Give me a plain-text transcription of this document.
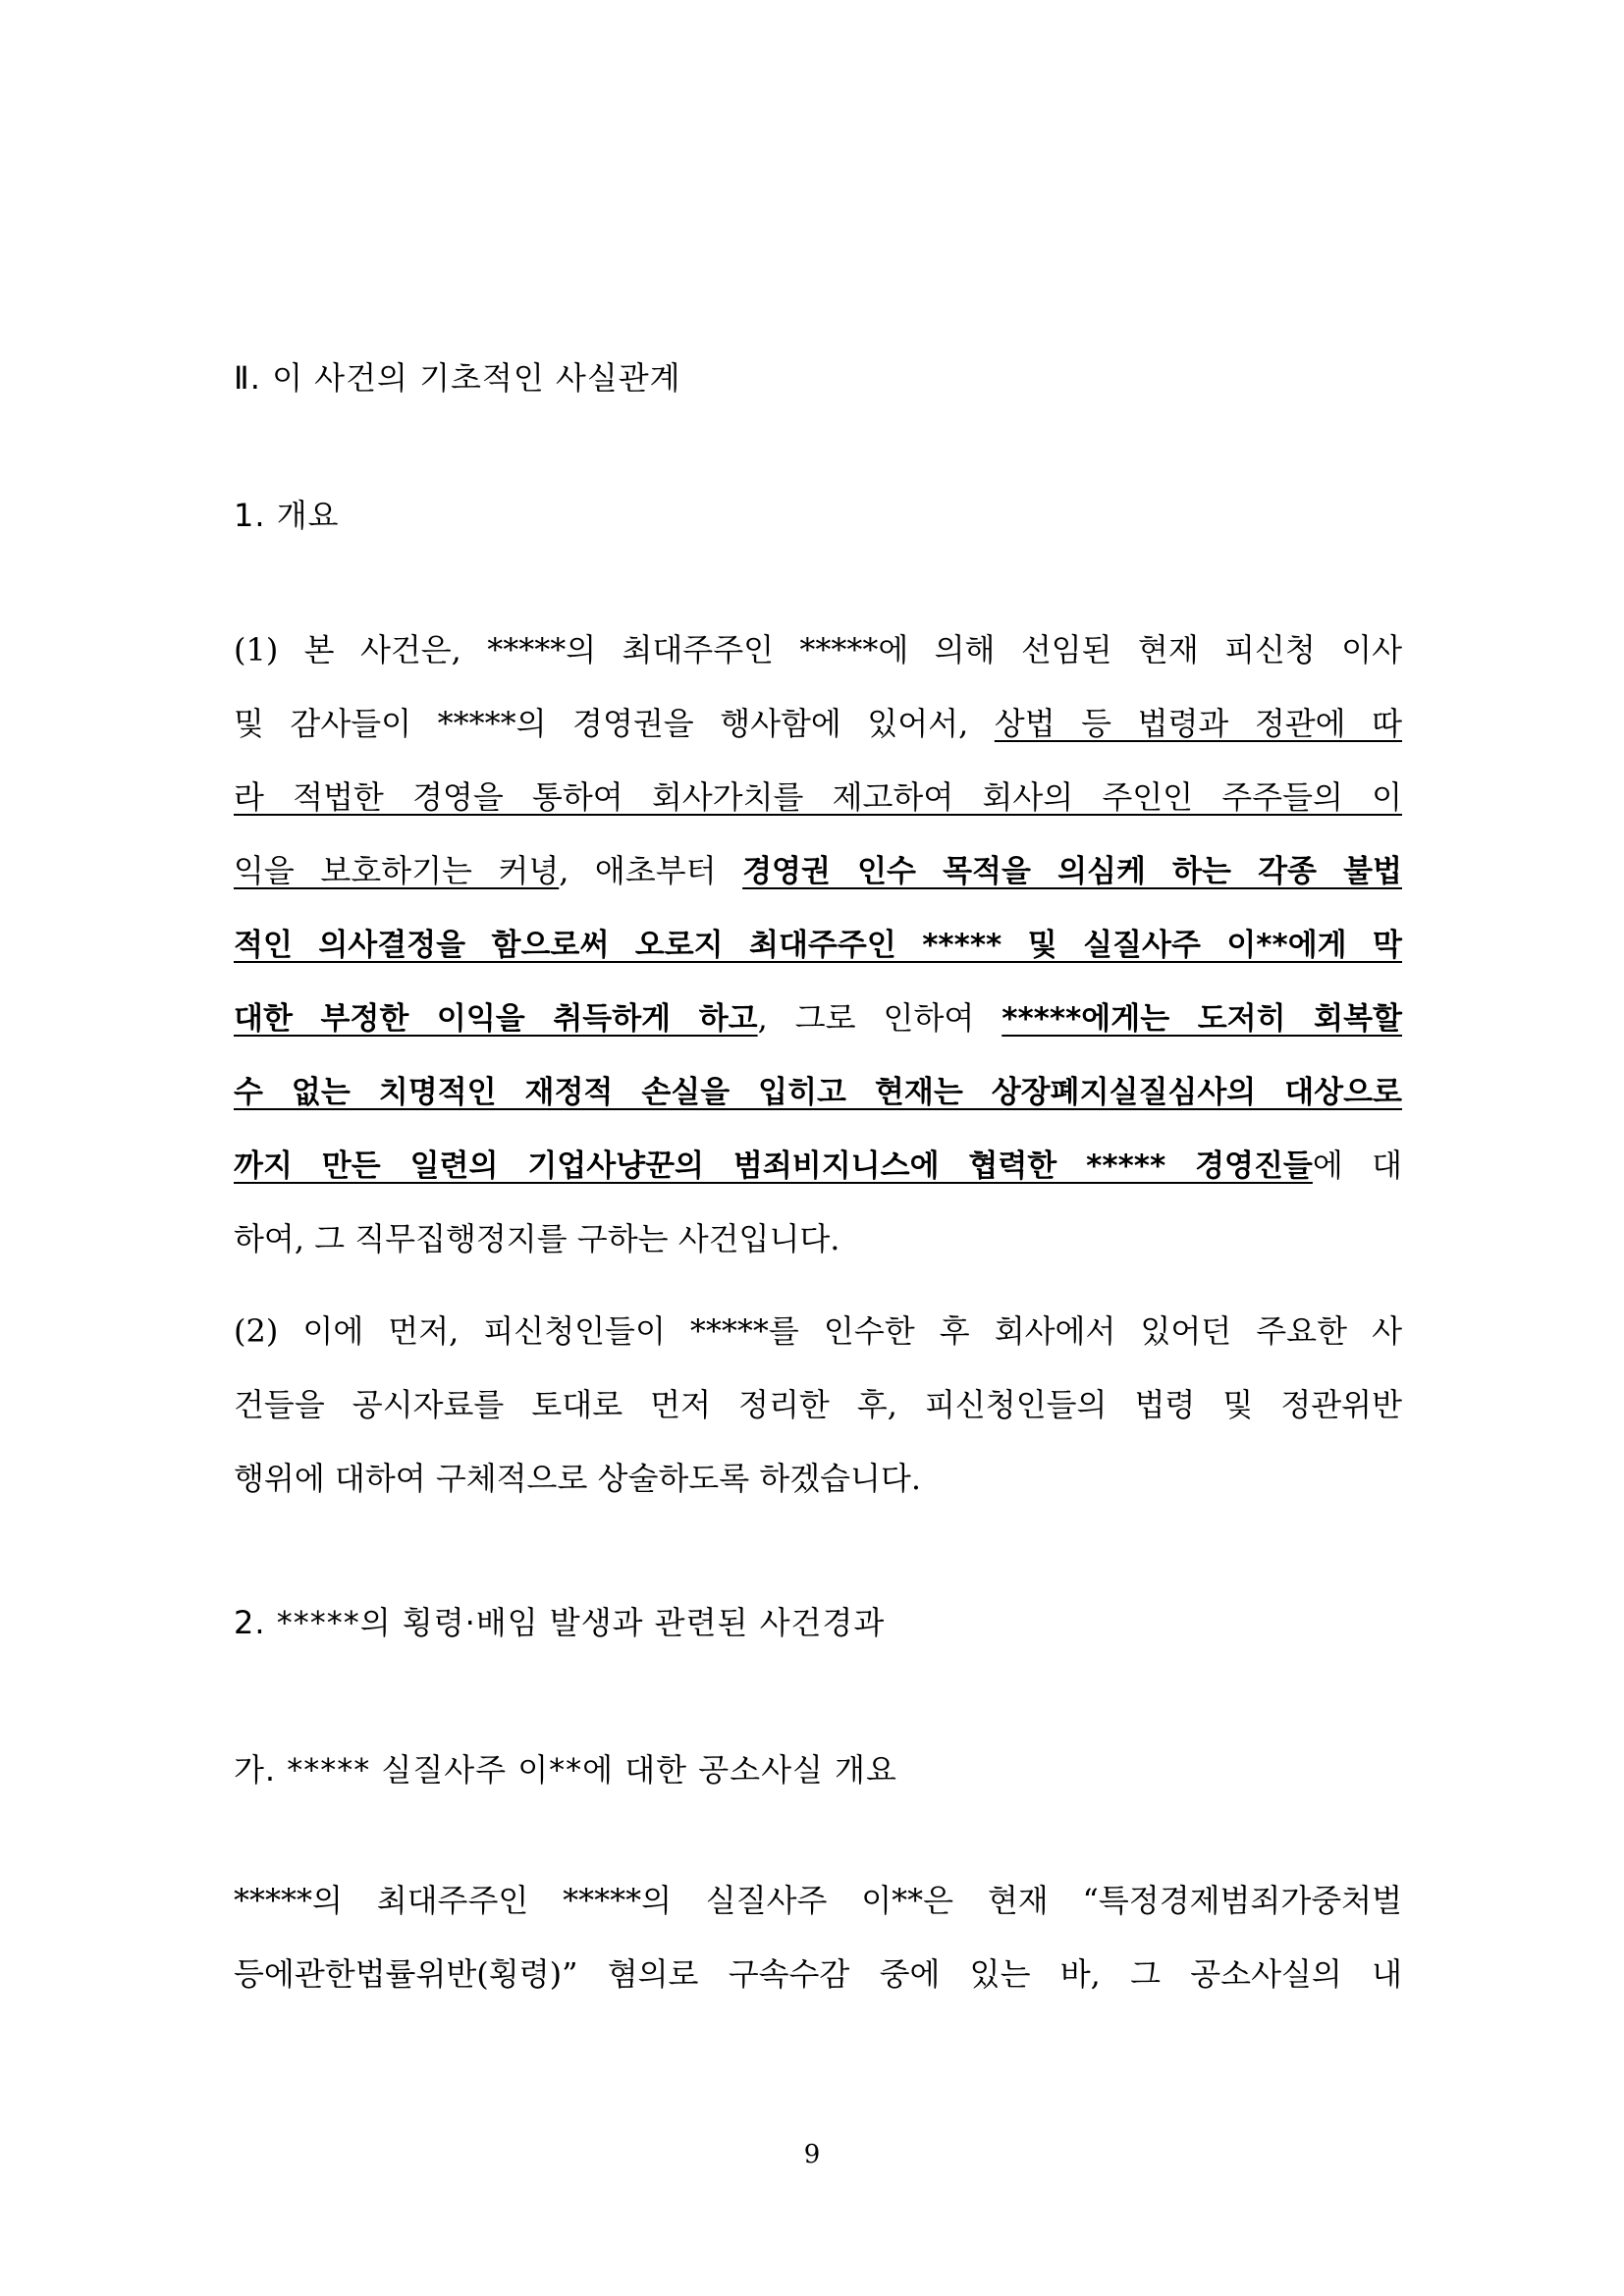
Ⅱ. 이 사건의 기초적인 사실관계
1. 개요
(1) 본 사건은, *****의 최대주주인 *****에 의해 선임된 현재 피신청 이사
및 감사들이 *****의 경영권을 행사함에 있어서, 상법 등 법령과 정관에 따
라 적법한 경영을 통하여 회사가치를 제고하여 회사의 주인인 주주들의 이
익을 보호하기는 커녕, 애초부터 경영권 인수 목적을 의심케 하는 각종 불법
적인 의사결정을 함으로써 오로지 최대주주인 ***** 및 실질사주 이**에게 막
대한 부정한 이익을 취득하게 하고, 그로 인하여 *****에게는 도저히 회복할
수 없는 치명적인 재정적 손실을 입히고 현재는 상장폐지실질심사의 대상으로
까지 만든 일련의 기업사냥꾼의 범죄비지니스에 협력한 ***** 경영진들에 대
하여, 그 직무집행정지를 구하는 사건입니다.
(2) 이에 먼저, 피신청인들이 *****를 인수한 후 회사에서 있어던 주요한 사
건들을 공시자료를 토대로 먼저 정리한 후, 피신청인들의 법령 및 정관위반
행위에 대하여 구체적으로 상술하도록 하겠습니다.
2. *****의 횡령·배임 발생과 관련된 사건경과
가. ***** 실질사주 이**에 대한 공소사실 개요
*****의 최대주주인 *****의 실질사주 이**은 현재 “특정경제범죄가중처벌
등에관한법률위반(횡령)” 혐의로 구속수감 중에 있는 바, 그 공소사실의 내
9
